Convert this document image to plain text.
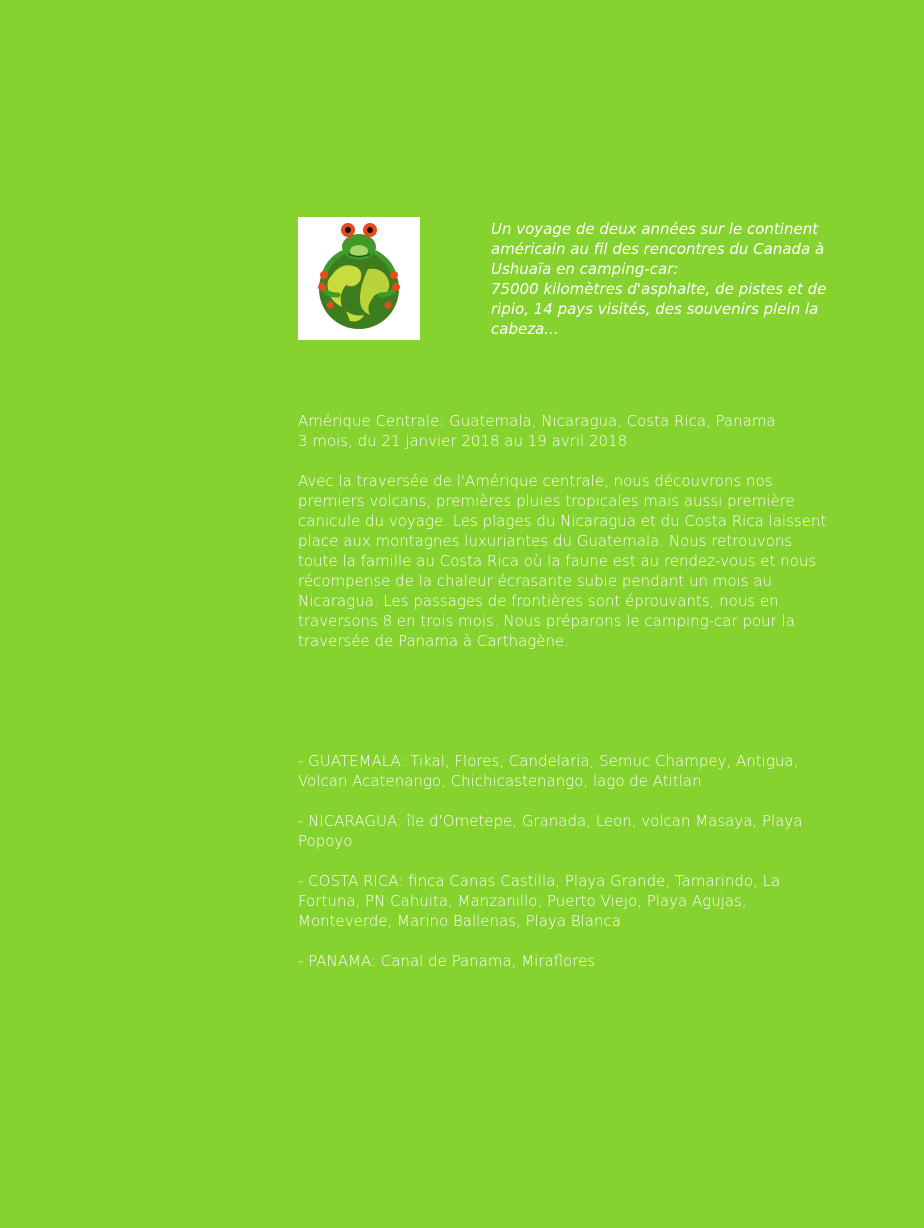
Un voyage de deux années sur le continent américain au fil des rencontres du Canada à Ushuaïa en camping-car:

75000 kilomètres d'asphalte, de pistes et de ripio, 14 pays visités, des souvenirs plein la cabeza...

Amérique Centrale: Guatemala, Nicaragua, Costa Rica, Panama

3 mois, du 21 janvier 2018 au 19 avril 2018

Avec la traversée de l'Amérique centrale, nous découvrons nos premiers volcans, premières pluies tropicales mais aussi première canicule du voyage. Les plages du Nicaragua et du Costa Rica laissent place aux montagnes luxuriantes du Guatemala. Nous retrouvons toute la famille au Costa Rica où la faune est au rendez-vous et nous récompense de la chaleur écrasante subie pendant un mois au Nicaragua. Les passages de frontières sont éprouvants, nous en traversons 8 en trois mois. Nous préparons le camping-car pour la traversée de Panama à Carthagène.

- GUATEMALA: Tikal, Flores, Candelaria, Semuc Champey, Antigua, Volcan Acatenango, Chichicastenango, lago de Atitlan

- NICARAGUA: île d'Ometepe, Granada, Leon, volcan Masaya, Playa Popoyo

- COSTA RICA: finca Canas Castilla, Playa Grande, Tamarindo, La Fortuna, PN Cahuita, Manzanillo, Puerto Viejo, Playa Agujas, Monteverde, Marino Ballenas, Playa Blanca

- PANAMA: Canal de Panama, Miraflores
